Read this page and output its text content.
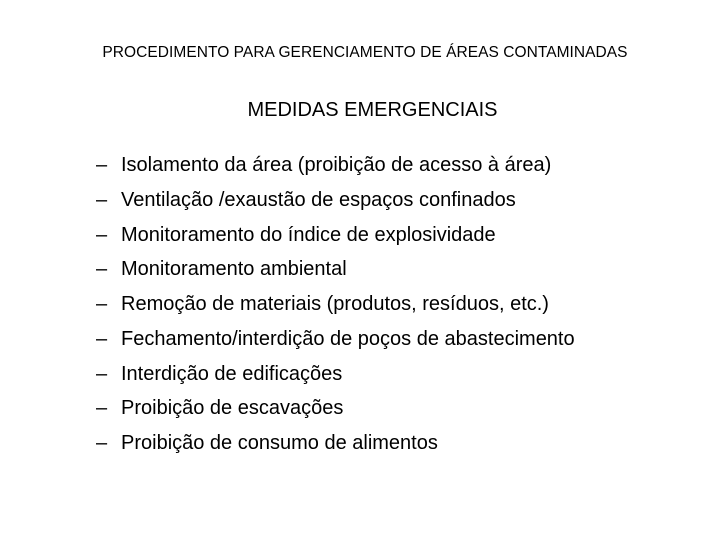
PROCEDIMENTO PARA GERENCIAMENTO DE ÁREAS CONTAMINADAS
MEDIDAS EMERGENCIAIS
– Isolamento da área (proibição de acesso à área)
– Ventilação /exaustão de espaços confinados
– Monitoramento do índice de explosividade
– Monitoramento ambiental
– Remoção de materiais (produtos, resíduos, etc.)
– Fechamento/interdição de poços de abastecimento
– Interdição de edificações
– Proibição de escavações
– Proibição de consumo de alimentos
